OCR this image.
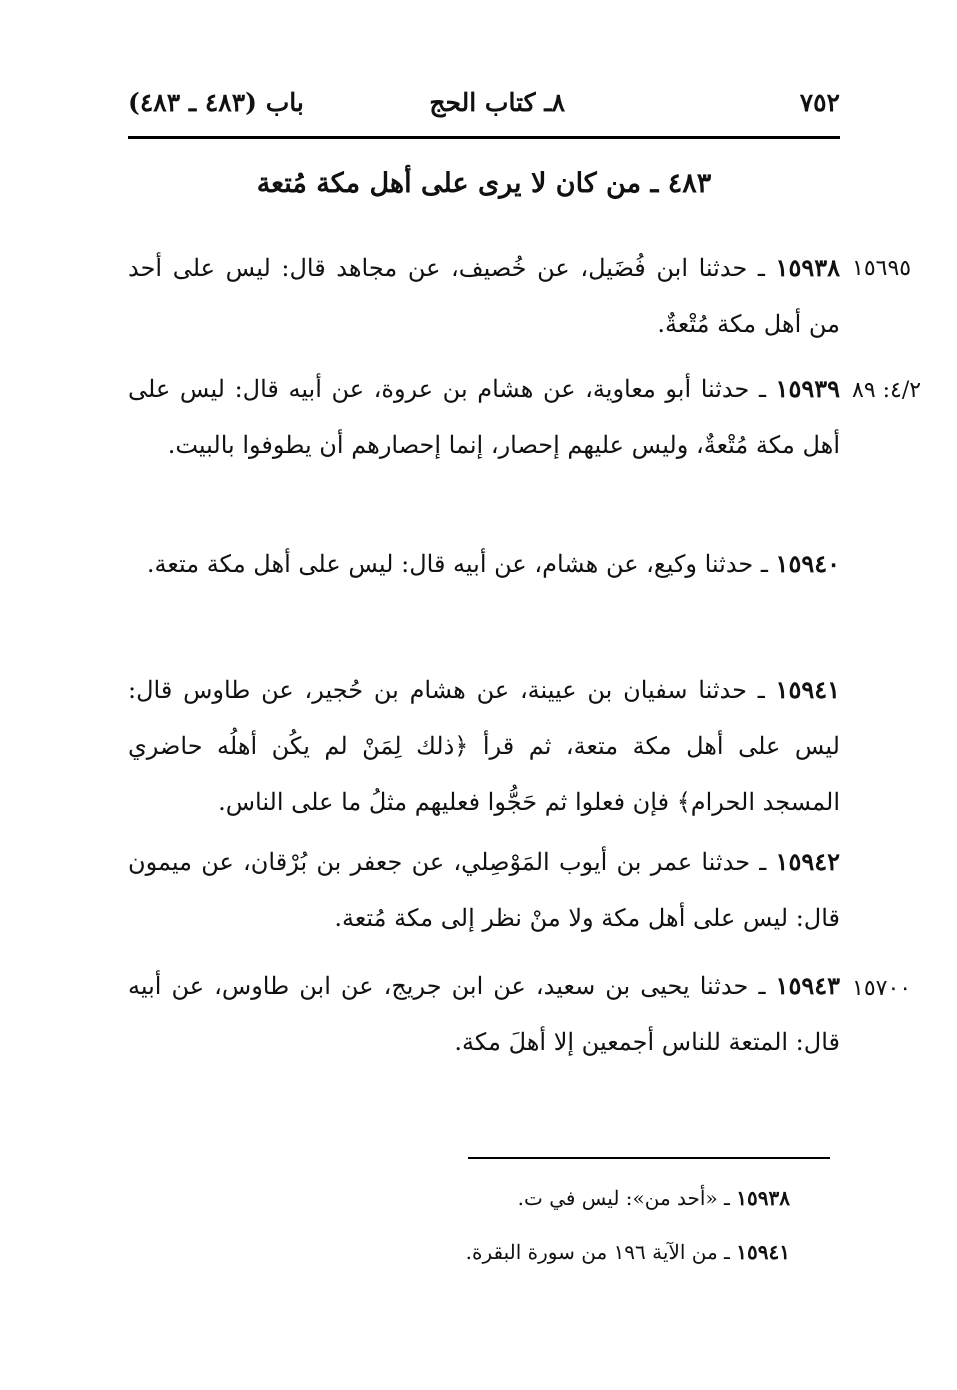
٧٥٢
٨ـ كتاب الحج
باب (٤٨٣ ـ ٤٨٣)
٤٨٣ ـ من كان لا يرى على أهل مكة مُتعة
١٥٩٣٨ ـ حدثنا ابن فُضَيل، عن خُصيف، عن مجاهد قال: ليس على أحد من أهل مكة مُتْعةٌ.
١٥٦٩٥
١٥٩٣٩ ـ حدثنا أبو معاوية، عن هشام بن عروة، عن أبيه قال: ليس على أهل مكة مُتْعةٌ، وليس عليهم إحصار، إنما إحصارهم أن يطوفوا بالبيت.
٤/٢: ٨٩
١٥٩٤٠ ـ حدثنا وكيع، عن هشام، عن أبيه قال: ليس على أهل مكة متعة.
١٥٩٤١ ـ حدثنا سفيان بن عيينة، عن هشام بن حُجير، عن طاوس قال: ليس على أهل مكة متعة، ثم قرأ ﴿ذلك لِمَنْ لم يكُن أهلُه حاضري المسجد الحرام﴾ فإن فعلوا ثم حَجُّوا فعليهم مثلُ ما على الناس.
١٥٩٤٢ ـ حدثنا عمر بن أيوب المَوْصِلي، عن جعفر بن بُرْقان، عن ميمون قال: ليس على أهل مكة ولا منْ نظر إلى مكة مُتعة.
١٥٩٤٣ ـ حدثنا يحيى بن سعيد، عن ابن جريج، عن ابن طاوس، عن أبيه قال: المتعة للناس أجمعين إلا أهلَ مكة.
١٥٧٠٠
١٥٩٣٨ ـ «أحد من»: ليس في ت.
١٥٩٤١ ـ من الآية ١٩٦ من سورة البقرة.
